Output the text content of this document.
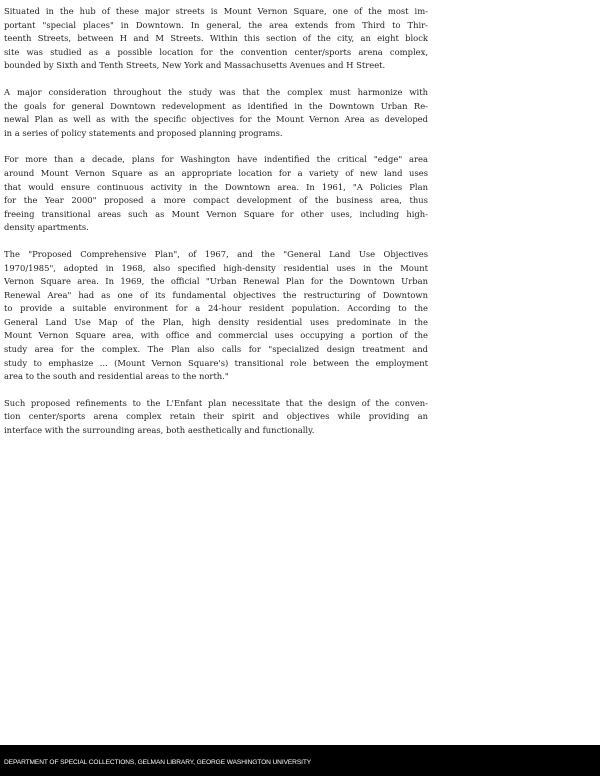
Situated in the hub of these major streets is Mount Vernon Square, one of the most im-
portant "special places" in Downtown. In general, the area extends from Third to Thir-
teenth Streets, between H and M Streets. Within this section of the city, an eight block
site was studied as a possible location for the convention center/sports arena complex,
bounded by Sixth and Tenth Streets, New York and Massachusetts Avenues and H Street.

A major consideration throughout the study was that the complex must harmonize with
the goals for general Downtown redevelopment as identified in the Downtown Urban Re-
newal Plan as well as with the specific objectives for the Mount Vernon Area as developed
in a series of policy statements and proposed planning programs.

For more than a decade, plans for Washington have indentified the critical "edge" area
around Mount Vernon Square as an appropriate location for a variety of new land uses
that would ensure continuous activity in the Downtown area. In 1961, "A Policies Plan
for the Year 2000" proposed a more compact development of the business area, thus
freeing transitional areas such as Mount Vernon Square for other uses, including high-
density apartments.

The "Proposed Comprehensive Plan", of 1967, and the "General Land Use Objectives
1970/1985", adopted in 1968, also specified high-density residential uses in the Mount
Vernon Square area. In 1969, the official "Urban Renewal Plan for the Downtown Urban
Renewal Area" had as one of its fundamental objectives the restructuring of Downtown
to provide a suitable environment for a 24-hour resident population. According to the
General Land Use Map of the Plan, high density residential uses predominate in the
Mount Vernon Square area, with office and commercial uses occupying a portion of the
study area for the complex. The Plan also calls for "specialized design treatment and
study to emphasize ... (Mount Vernon Square's) transitional role between the employment
area to the south and residential areas to the north."

Such proposed refinements to the L'Enfant plan necessitate that the design of the conven-
tion center/sports arena complex retain their spirit and objectives while providing an
interface with the surrounding areas, both aesthetically and functionally.

DEPARTMENT OF SPECIAL COLLECTIONS, GELMAN LIBRARY, GEORGE WASHINGTON UNIVERSITY
